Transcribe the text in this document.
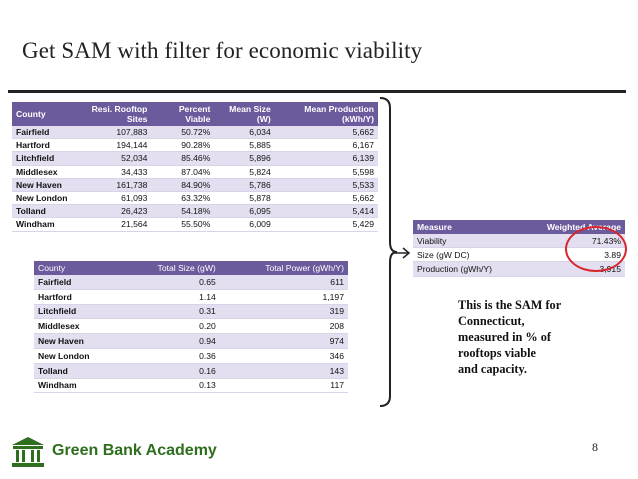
Get SAM with filter for economic viability
County	Resi. Rooftop Sites	Percent Viable	Mean Size (W)	Mean Production (kWh/Y)
Fairfield	107,883	50.72%	6,034	5,662
Hartford	194,144	90.28%	5,885	6,167
Litchfield	52,034	85.46%	5,896	6,139
Middlesex	34,433	87.04%	5,824	5,598
New Haven	161,738	84.90%	5,786	5,533
New London	61,093	63.32%	5,878	5,662
Tolland	26,423	54.18%	6,095	5,414
Windham	21,564	55.50%	6,009	5,429
County	Total Size (gW)	Total Power (gWh/Y)
Fairfield	0.65	611
Hartford	1.14	1,197
Litchfield	0.31	319
Middlesex	0.20	208
New Haven	0.94	974
New London	0.36	346
Tolland	0.16	143
Windham	0.13	117
Measure	Weighted Average
Viability	71.43%
Size (gW DC)	3.89
Production (gWh/Y)	3,915
This is the SAM for
Connecticut,
measured in % of
rooftops viable
and capacity.
Green Bank Academy	8
